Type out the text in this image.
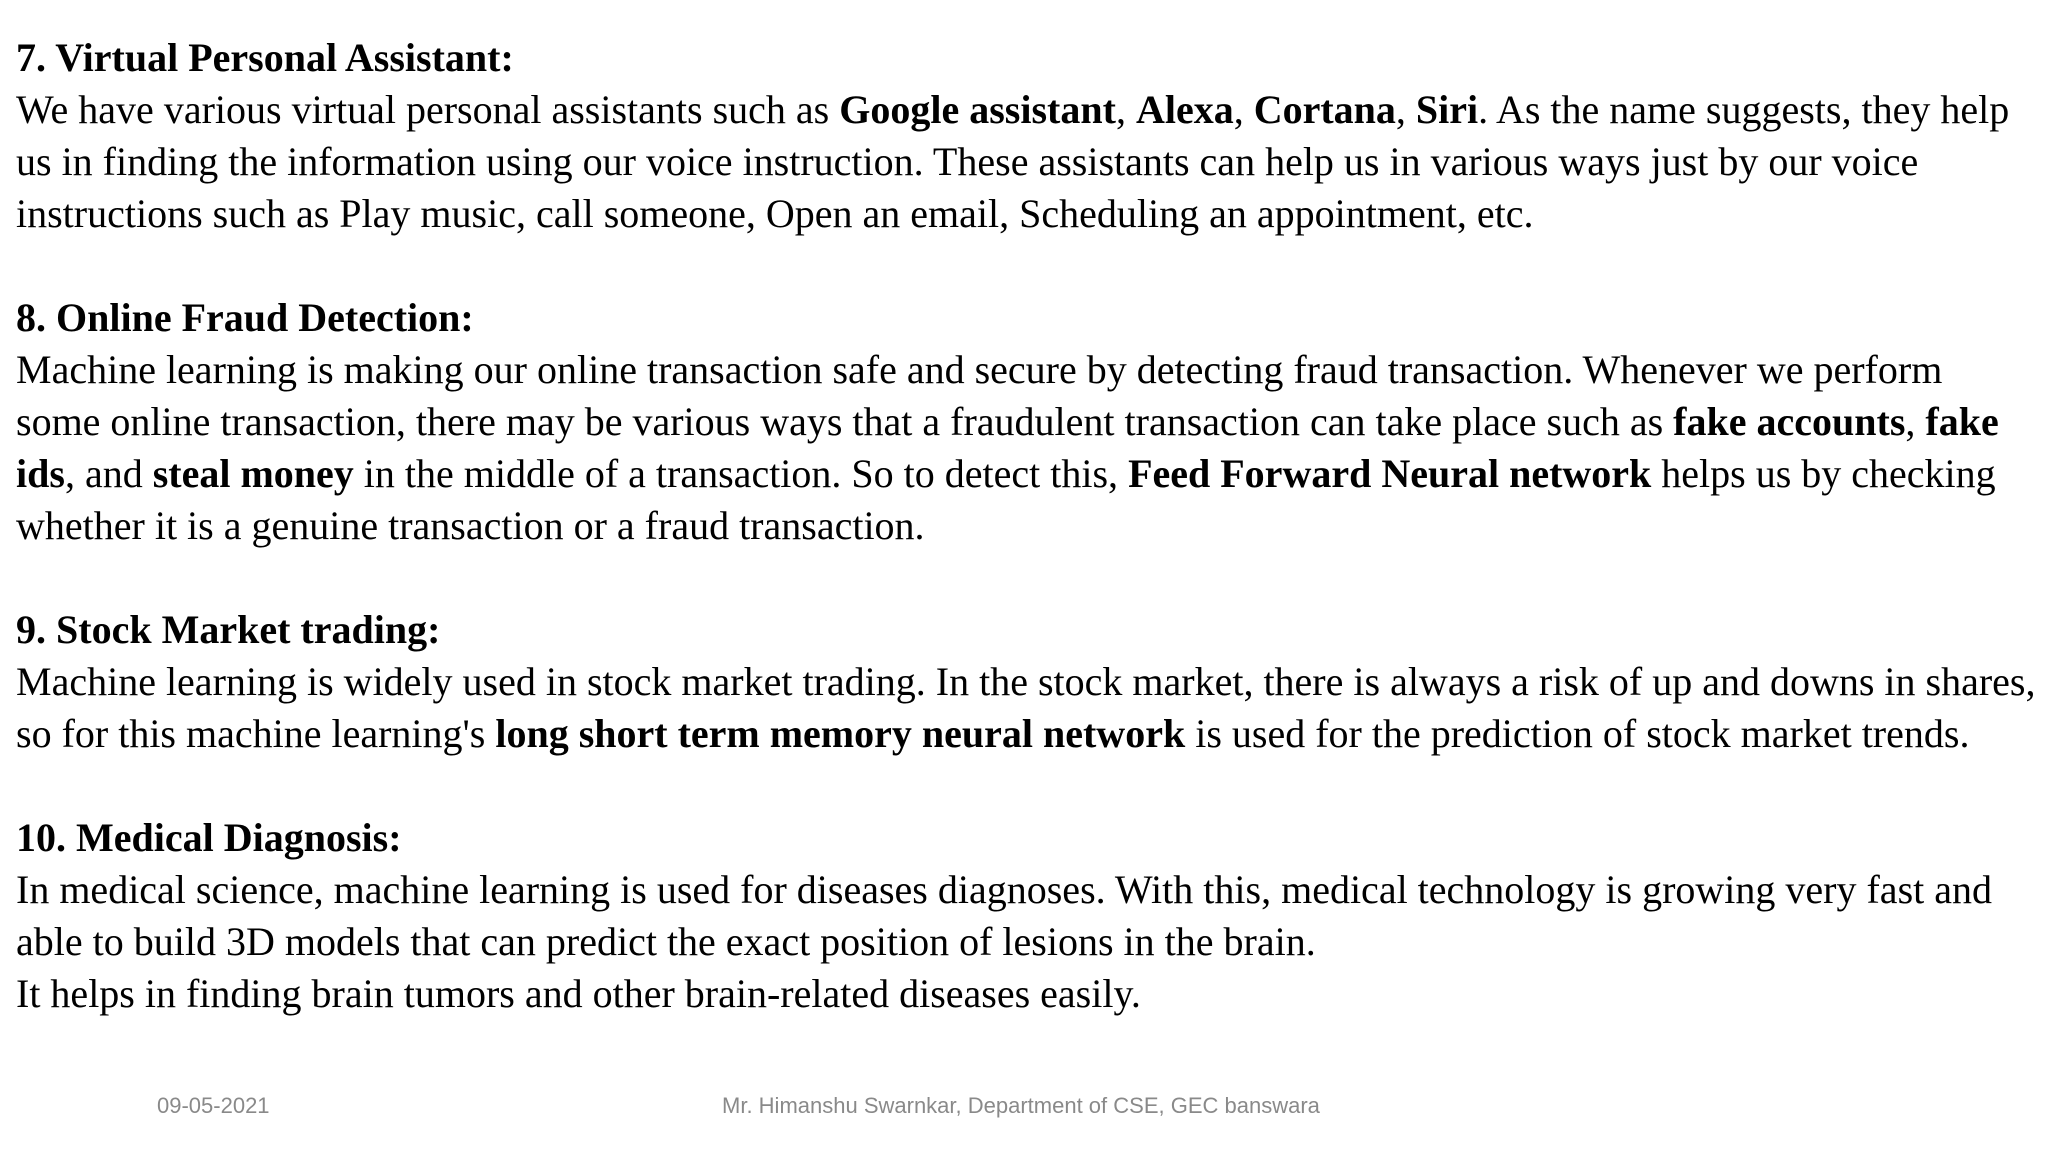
7. Virtual Personal Assistant:
We have various virtual personal assistants such as Google assistant, Alexa, Cortana, Siri. As the name suggests, they help us in finding the information using our voice instruction. These assistants can help us in various ways just by our voice instructions such as Play music, call someone, Open an email, Scheduling an appointment, etc.
8. Online Fraud Detection:
Machine learning is making our online transaction safe and secure by detecting fraud transaction. Whenever we perform some online transaction, there may be various ways that a fraudulent transaction can take place such as fake accounts, fake ids, and steal money in the middle of a transaction. So to detect this, Feed Forward Neural network helps us by checking whether it is a genuine transaction or a fraud transaction.
9. Stock Market trading:
Machine learning is widely used in stock market trading. In the stock market, there is always a risk of up and downs in shares, so for this machine learning's long short term memory neural network is used for the prediction of stock market trends.
10. Medical Diagnosis:
In medical science, machine learning is used for diseases diagnoses. With this, medical technology is growing very fast and able to build 3D models that can predict the exact position of lesions in the brain.
It helps in finding brain tumors and other brain-related diseases easily.
09-05-2021	Mr. Himanshu Swarnkar, Department of CSE, GEC banswara
